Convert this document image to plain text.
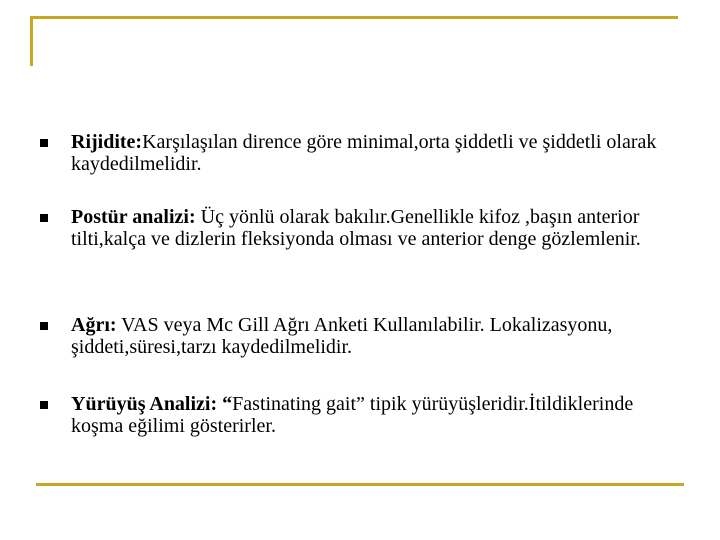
Rijidite:Karşılaşılan dirence göre minimal,orta şiddetli ve şiddetli olarak kaydedilmelidir.
Postür analizi: Üç yönlü olarak bakılır.Genellikle kifoz ,başın anterior tilti,kalça ve dizlerin fleksiyonda olması ve anterior denge gözlemlenir.
Ağrı: VAS veya Mc Gill Ağrı Anketi Kullanılabilir. Lokalizasyonu, şiddeti,süresi,tarzı kaydedilmelidir.
Yürüyüş Analizi: “Fastinating gait” tipik yürüyüşleridir.İtildiklerinde koşma eğilimi gösterirler.
